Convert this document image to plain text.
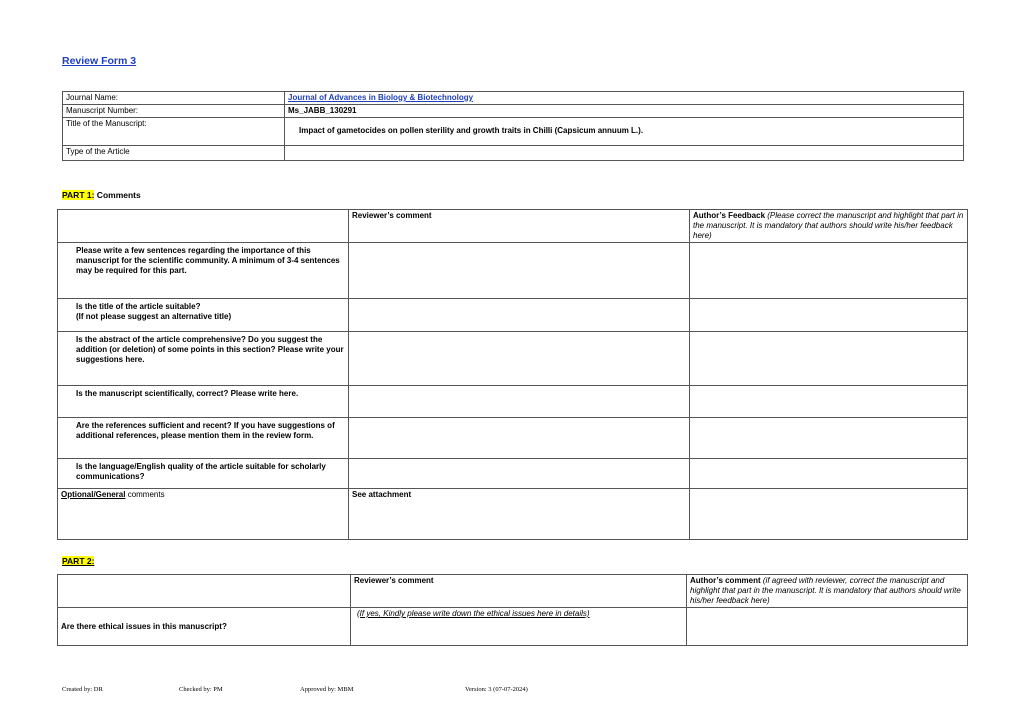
Review Form 3
Journal Name:	Journal of Advances in Biology & Biotechnology
Manuscript Number:	Ms_JABB_130291
Title of the Manuscript:	Impact of gametocides on pollen sterility and growth traits in Chilli (Capsicum annuum L.).
Type of the Article	
PART 1: Comments
	Reviewer’s comment	Author’s Feedback (Please correct the manuscript and highlight that part in the manuscript. It is mandatory that authors should write his/her feedback here)
Please write a few sentences regarding the importance of this manuscript for the scientific community. A minimum of 3-4 sentences may be required for this part.		
Is the title of the article suitable?
(If not please suggest an alternative title)		
Is the abstract of the article comprehensive? Do you suggest the addition (or deletion) of some points in this section? Please write your suggestions here.		
Is the manuscript scientifically, correct? Please write here.		
Are the references sufficient and recent? If you have suggestions of additional references, please mention them in the review form.		
Is the language/English quality of the article suitable for scholarly communications?		
Optional/General comments	See attachment	
PART 2:
	Reviewer’s comment	Author’s comment (if agreed with reviewer, correct the manuscript and highlight that part in the manuscript. It is mandatory that authors should write his/her feedback here)
Are there ethical issues in this manuscript?	(If yes, Kindly please write down the ethical issues here in details)	
Created by: DR	Checked by: PM	Approved by: MBM	Version: 3 (07-07-2024)
